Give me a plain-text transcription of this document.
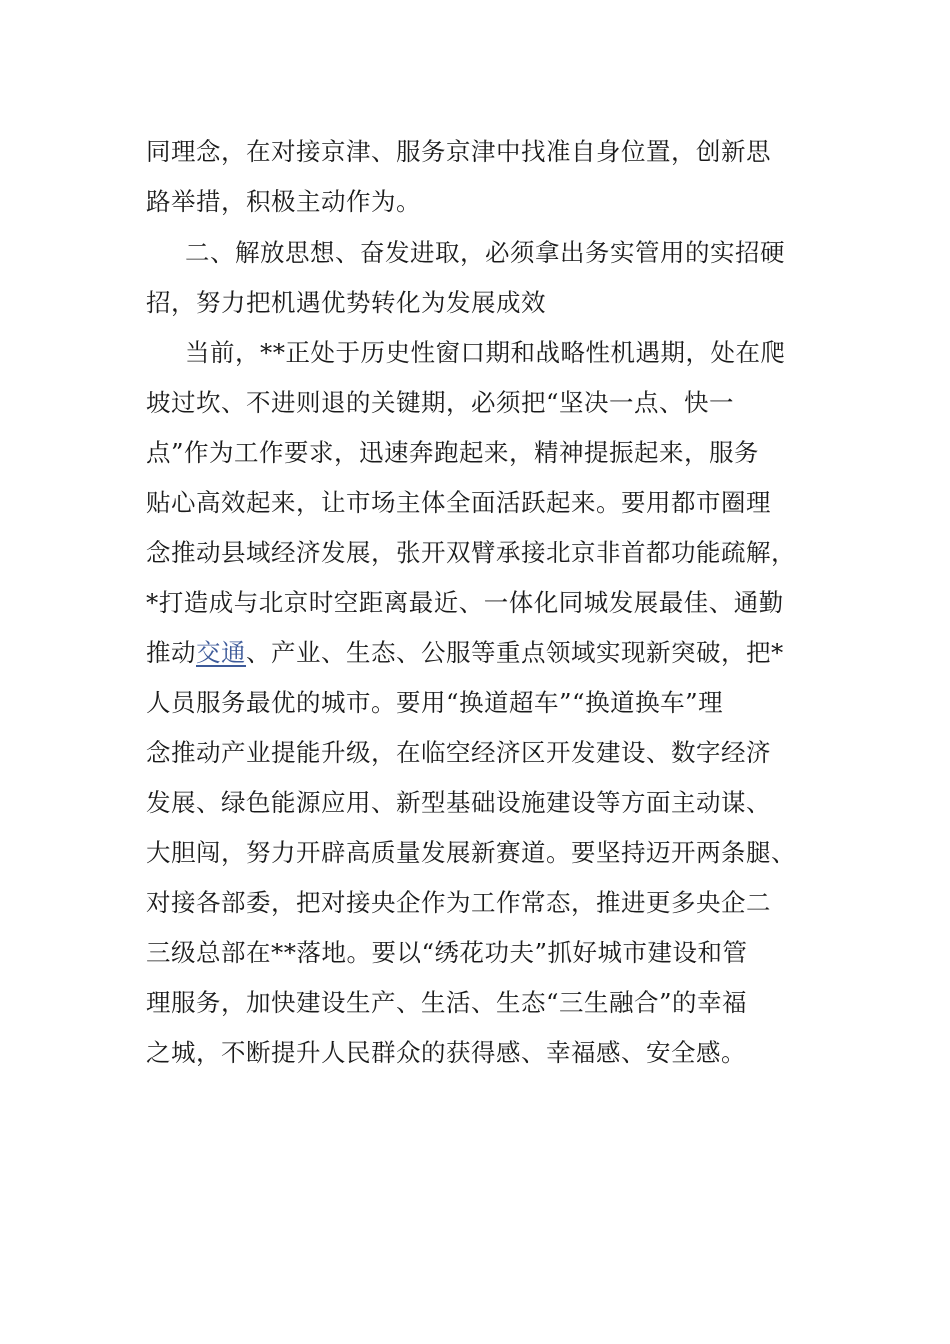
同理念，在对接京津、服务京津中找准自身位置，创新思
路举措，积极主动作为。
二、解放思想、奋发进取，必须拿出务实管用的实招硬
招，努力把机遇优势转化为发展成效
当前，**正处于历史性窗口期和战略性机遇期，处在爬
坡过坎、不进则退的关键期，必须把“坚决一点、快一
点”作为工作要求，迅速奔跑起来，精神提振起来，服务
贴心高效起来，让市场主体全面活跃起来。要用都市圈理
念推动县域经济发展，张开双臂承接北京非首都功能疏解，
*打造成与北京时空距离最近、一体化同城发展最佳、通勤
推动交通、产业、生态、公服等重点领域实现新突破，把*
人员服务最优的城市。要用“换道超车”“换道换车”理
念推动产业提能升级，在临空经济区开发建设、数字经济
发展、绿色能源应用、新型基础设施建设等方面主动谋、
大胆闯，努力开辟高质量发展新赛道。要坚持迈开两条腿、
对接各部委，把对接央企作为工作常态，推进更多央企二
三级总部在**落地。要以“绣花功夫”抓好城市建设和管
理服务，加快建设生产、生活、生态“三生融合”的幸福
之城，不断提升人民群众的获得感、幸福感、安全感。
